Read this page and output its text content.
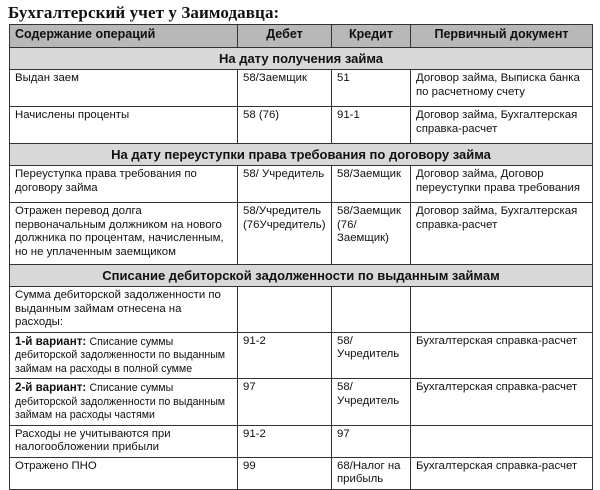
Бухгалтерский учет у Заимодавца:
Содержание операций	Дебет	Кредит	Первичный документ
На дату получения займа			
Выдан заем	58/Заемщик	51	Договор займа, Выписка банка по расчетному счету
Начислены проценты	58 (76)	91-1	Договор займа, Бухгалтерская справка-расчет
На дату переуступки права требования по договору займа			
Переуступка права требования по договору займа	58/ Учредитель	58/Заемщик	Договор займа, Договор переуступки права требования
Отражен перевод долга первоначальным должником на нового должника по процентам, начисленным, но не уплаченным заемщиком	58/Учредитель (76Учредитель)	58/Заемщик (76/Заемщик)	Договор займа, Бухгалтерская справка-расчет
Списание дебиторской задолженности по выданным займам			
Сумма дебиторской задолженности по выданным займам отнесена на расходы:			
1-й вариант: Списание суммы дебиторской задолженности по выданным займам на расходы в полной сумме	91-2	58/ Учредитель	Бухгалтерская справка-расчет
2-й вариант: Списание суммы дебиторской задолженности по выданным займам на расходы частями	97	58/ Учредитель	Бухгалтерская справка-расчет
Расходы не учитываются при налогообложении прибыли	91-2	97	
Отражено ПНО	99	68/Налог на прибыль	Бухгалтерская справка-расчет
